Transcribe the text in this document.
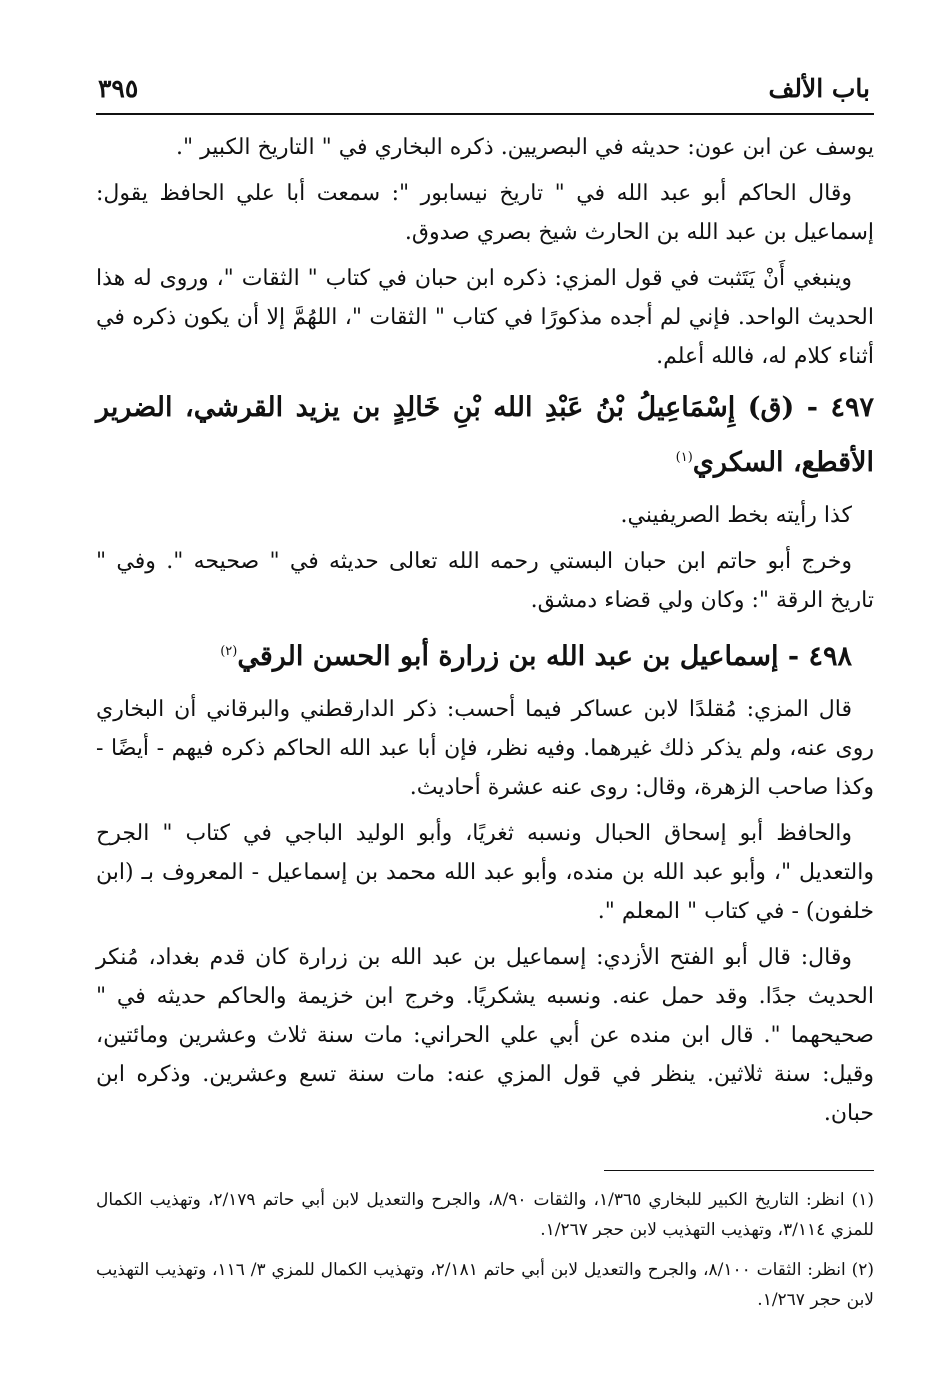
باب الألف
٣٩٥

يوسف عن ابن عون: حديثه في البصريين. ذكره البخاري في " التاريخ الكبير ".

وقال الحاكم أبو عبد الله في " تاريخ نيسابور ": سمعت أبا علي الحافظ يقول: إسماعيل بن عبد الله بن الحارث شيخ بصري صدوق.

وينبغي أَنْ يَتَثبت في قول المزي: ذكره ابن حبان في كتاب " الثقات "، وروى له هذا الحديث الواحد. فإني لم أجده مذكورًا في كتاب " الثقات "، اللهُمَّ إلا أن يكون ذكره في أثناء كلام له، فالله أعلم.

٤٩٧ - (ق) إِسْمَاعِيلُ بْنُ عَبْدِ الله بْنِ خَالِدٍ بن يزيد القرشي، الضرير الأقطع، السكري$^{(١)}$

كذا رأيته بخط الصريفيني.

وخرج أبو حاتم ابن حبان البستي رحمه الله تعالى حديثه في " صحيحه ". وفي " تاريخ الرقة ": وكان ولي قضاء دمشق.

٤٩٨ - إسماعيل بن عبد الله بن زرارة أبو الحسن الرقي$^{(٢)}$

قال المزي: مُقلدًا لابن عساكر فيما أحسب: ذكر الدارقطني والبرقاني أن البخاري روى عنه، ولم يذكر ذلك غيرهما. وفيه نظر، فإن أبا عبد الله الحاكم ذكره فيهم - أيضًا - وكذا صاحب الزهرة، وقال: روى عنه عشرة أحاديث.

والحافظ أبو إسحاق الحبال ونسبه ثغريًا، وأبو الوليد الباجي في كتاب " الجرح والتعديل "، وأبو عبد الله بن منده، وأبو عبد الله محمد بن إسماعيل - المعروف بـ (ابن خلفون) - في كتاب " المعلم ".

وقال: قال أبو الفتح الأزدي: إسماعيل بن عبد الله بن زرارة كان قدم بغداد، مُنكر الحديث جدًا. وقد حمل عنه. ونسبه يشكريًا. وخرج ابن خزيمة والحاكم حديثه في " صحيحهما ". قال ابن منده عن أبي علي الحراني: مات سنة ثلاث وعشرين ومائتين، وقيل: سنة ثلاثين. ينظر في قول المزي عنه: مات سنة تسع وعشرين. وذكره ابن حبان.

(١) انظر: التاريخ الكبير للبخاري ١/٣٦٥، والثقات ٨/٩٠، والجرح والتعديل لابن أبي حاتم ٢/١٧٩، وتهذيب الكمال للمزي ٣/١١٤، وتهذيب التهذيب لابن حجر ١/٢٦٧.

(٢) انظر: الثقات ٨/١٠٠، والجرح والتعديل لابن أبي حاتم ٢/١٨١، وتهذيب الكمال للمزي ٣/ ١١٦، وتهذيب التهذيب لابن حجر ١/٢٦٧.
